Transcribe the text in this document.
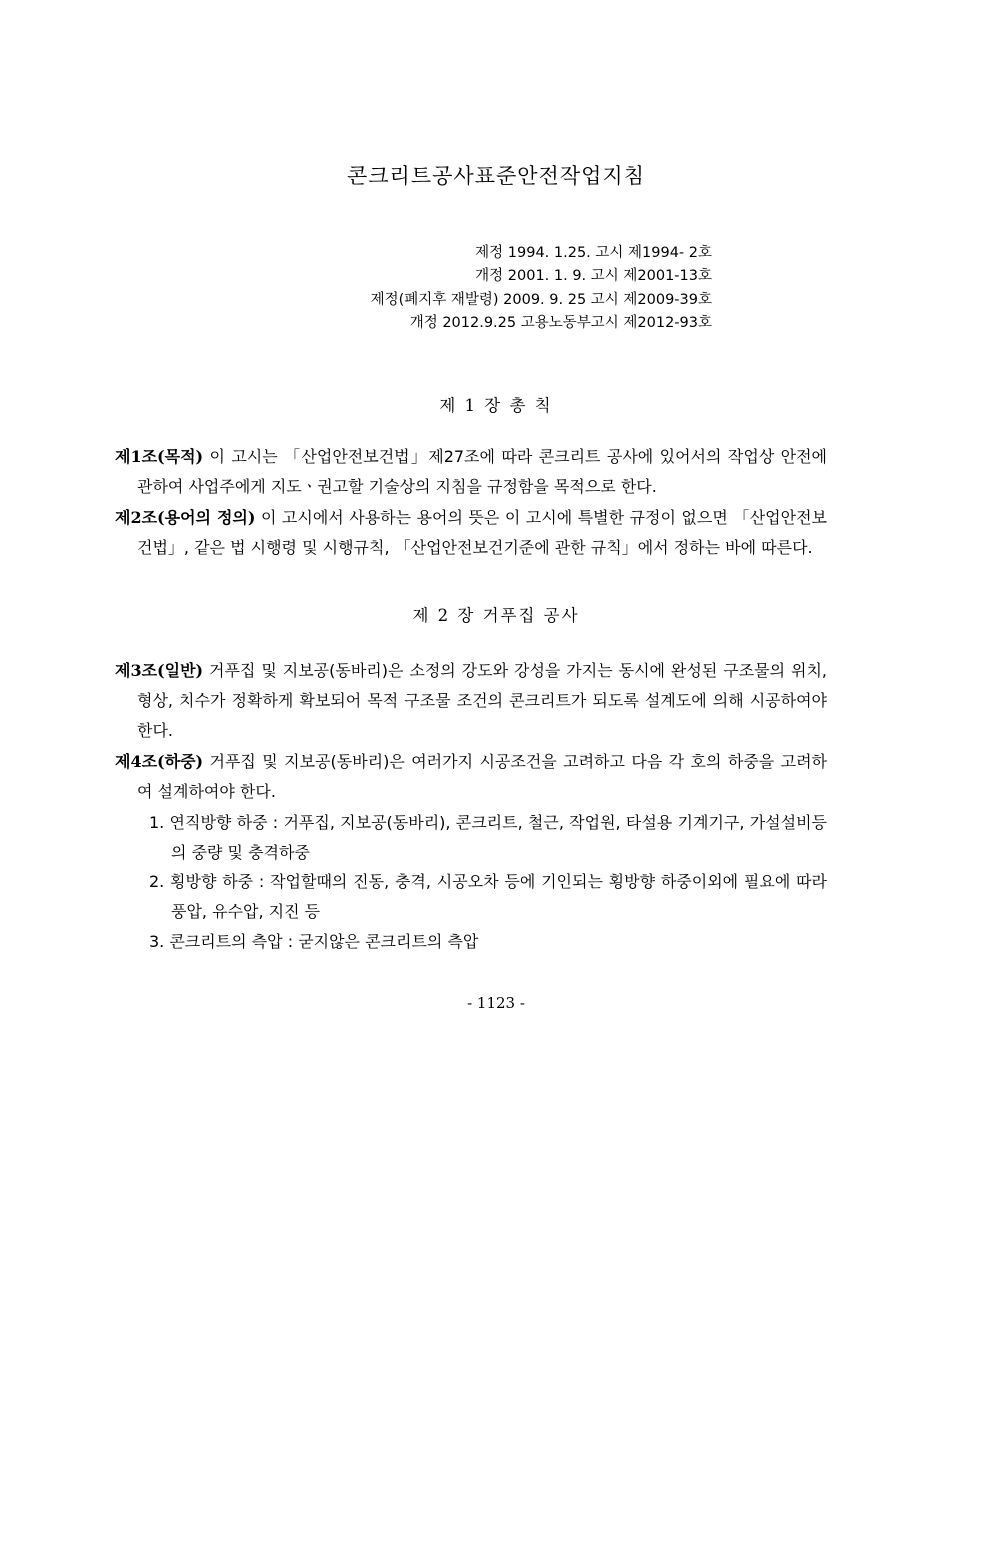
콘크리트공사표준안전작업지침
제정 1994. 1.25. 고시 제1994- 2호
개정 2001. 1. 9. 고시 제2001-13호
제정(폐지후 재발령) 2009. 9. 25 고시 제2009-39호
개정 2012.9.25 고용노동부고시 제2012-93호
제 1 장 총 칙

제1조(목적) 이 고시는 「산업안전보건법」제27조에 따라 콘크리트 공사에 있어서의 작업상 안전에 관하여 사업주에게 지도ㆍ권고할 기술상의 지침을 규정함을 목적으로 한다.

제2조(용어의 정의) 이 고시에서 사용하는 용어의 뜻은 이 고시에 특별한 규정이 없으면 「산업안전보건법」, 같은 법 시행령 및 시행규칙, 「산업안전보건기준에 관한 규칙」에서 정하는 바에 따른다.

제 2 장 거푸집 공사

제3조(일반) 거푸집 및 지보공(동바리)은 소정의 강도와 강성을 가지는 동시에 완성된 구조물의 위치, 형상, 치수가 정확하게 확보되어 목적 구조물 조건의 콘크리트가 되도록 설계도에 의해 시공하여야 한다.

제4조(하중) 거푸집 및 지보공(동바리)은 여러가지 시공조건을 고려하고 다음 각 호의 하중을 고려하여 설계하여야 한다.

1. 연직방향 하중 : 거푸집, 지보공(동바리), 콘크리트, 철근, 작업원, 타설용 기계기구, 가설설비등의 중량 및 충격하중
2. 횡방향 하중 : 작업할때의 진동, 충격, 시공오차 등에 기인되는 횡방향 하중이외에 필요에 따라 풍압, 유수압, 지진 등
3. 콘크리트의 측압 : 굳지않은 콘크리트의 측압
- 1123 -
